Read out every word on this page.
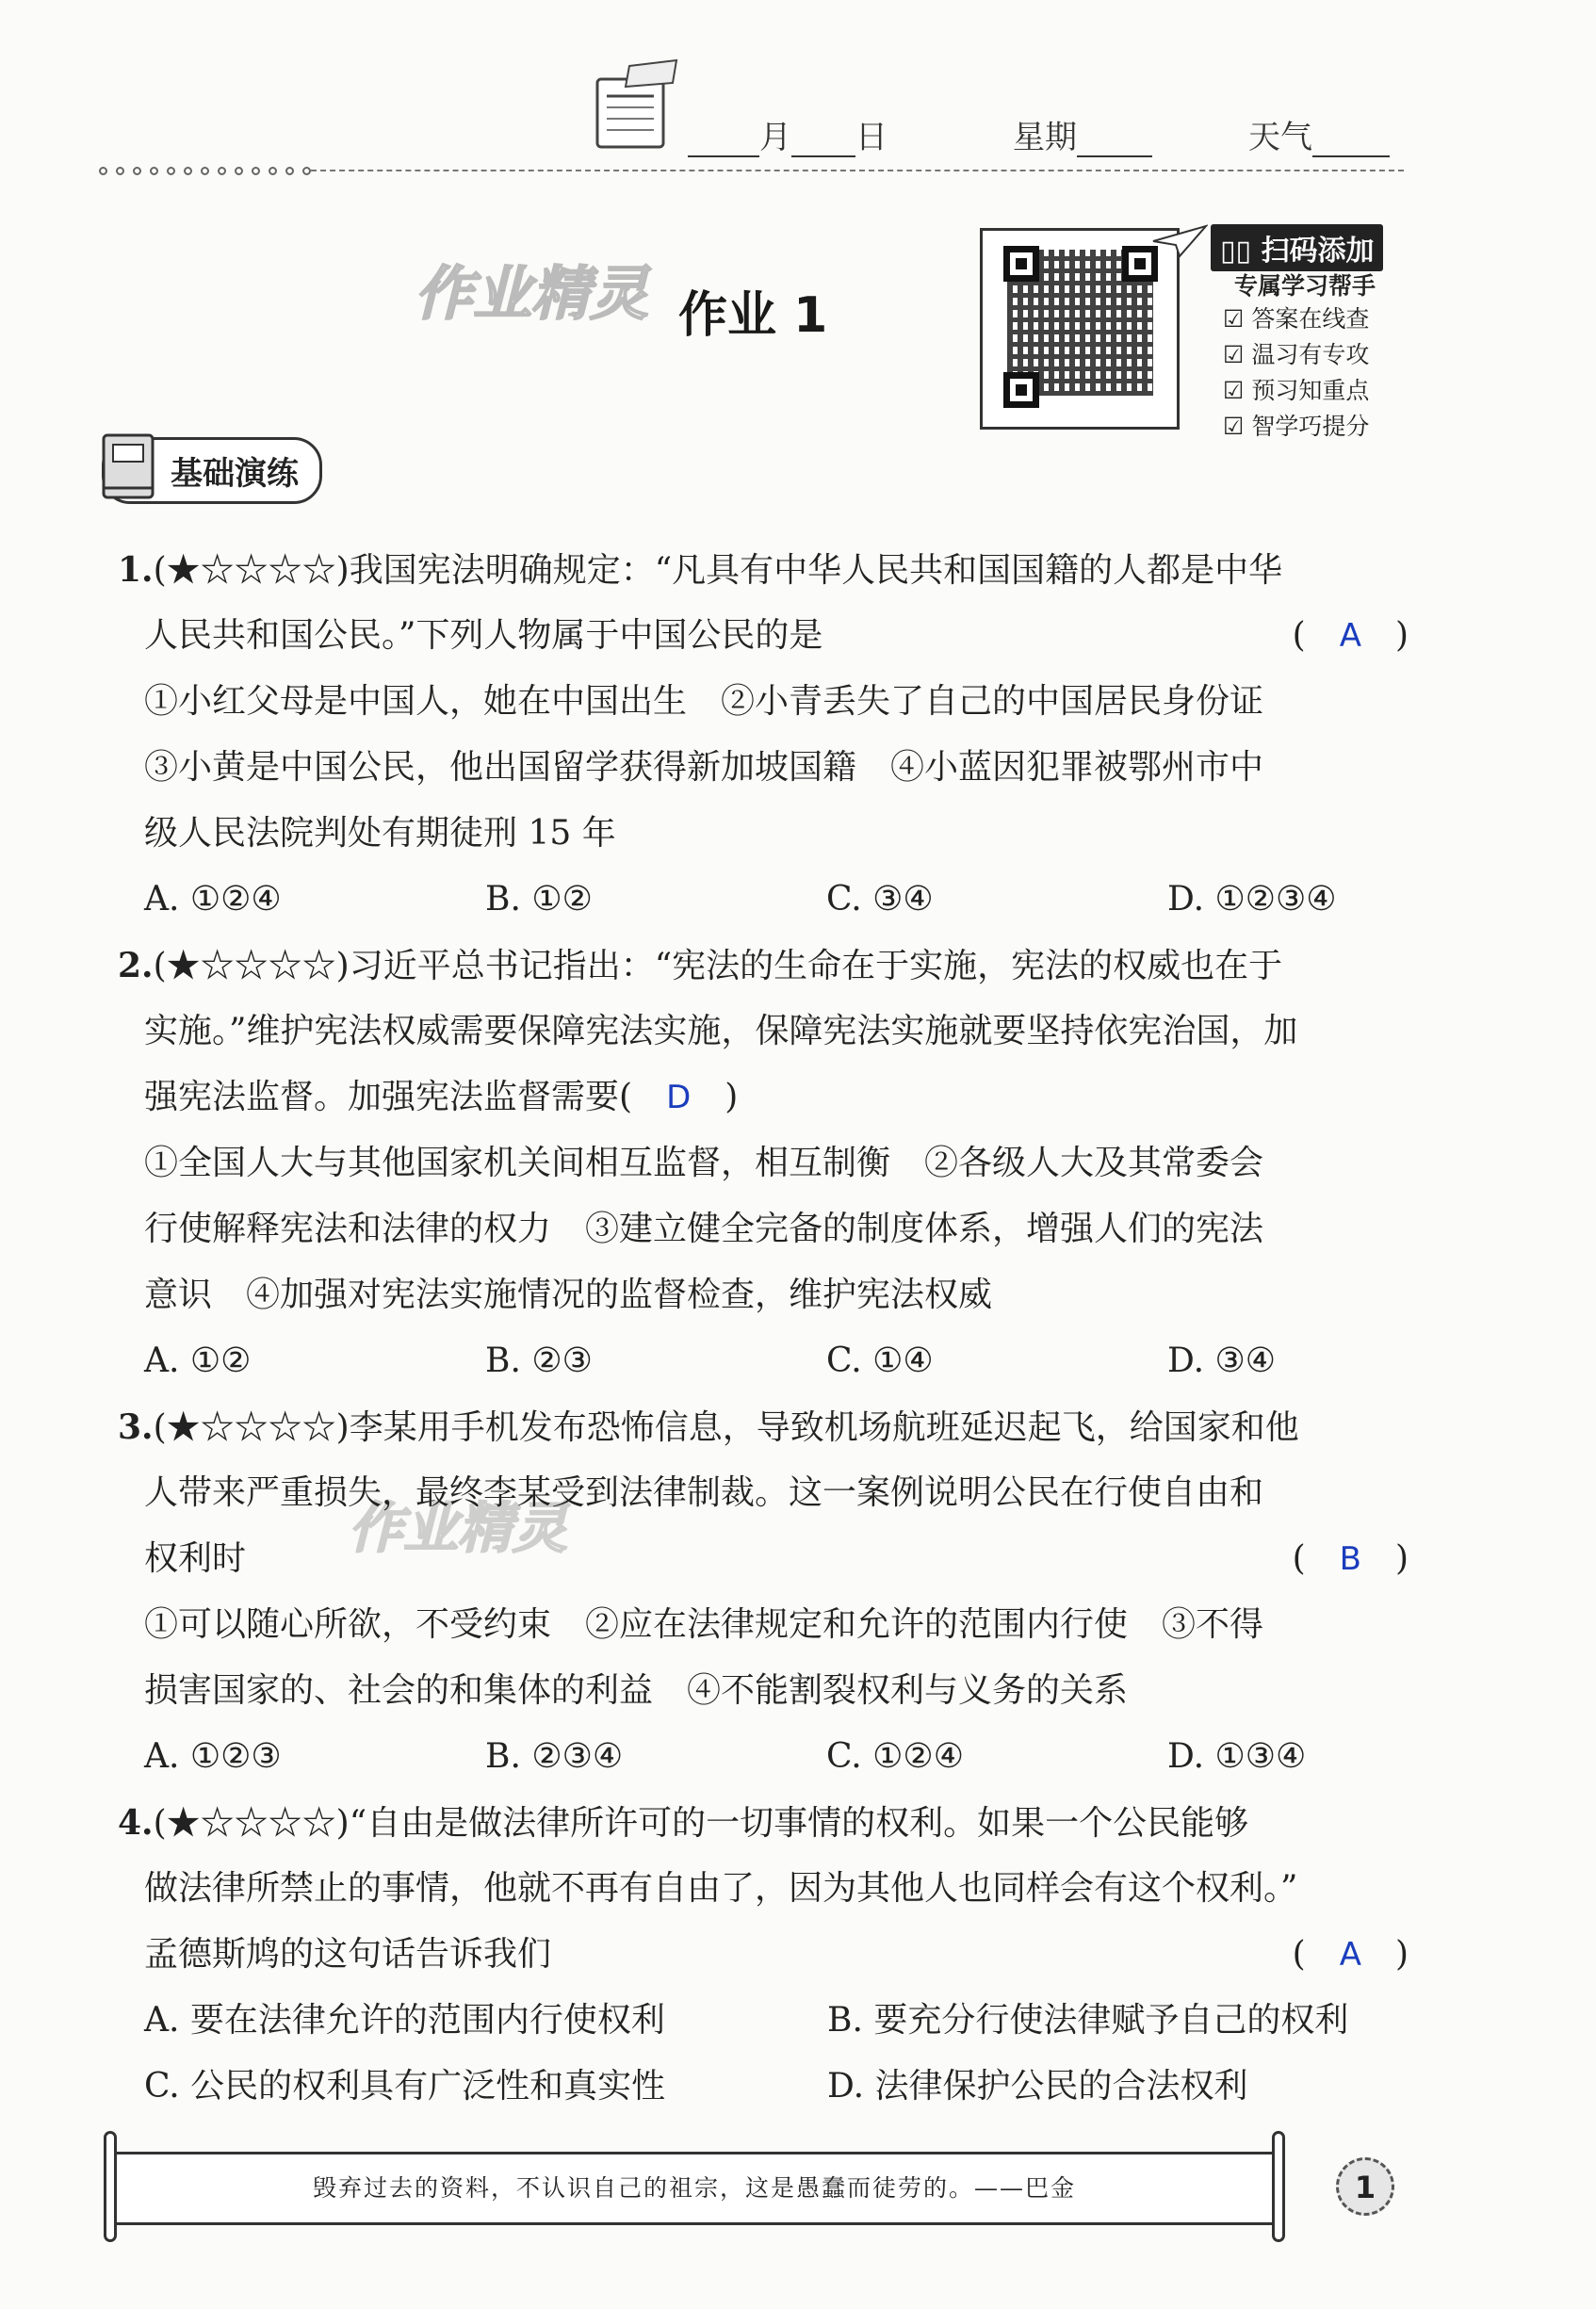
月 日	星期	天气
作业精灵 作业 1
▯▯ 扫码添加
专属学习帮手
☑ 答案在线查
☑ 温习有专攻
☑ 预习知重点
☑ 智学巧提分
基础演练
1.(★☆☆☆☆)我国宪法明确规定：“凡具有中华人民共和国国籍的人都是中华
人民共和国公民。”下列人物属于中国公民的是	(　A　)
①小红父母是中国人，她在中国出生　②小青丢失了自己的中国居民身份证
③小黄是中国公民，他出国留学获得新加坡国籍　④小蓝因犯罪被鄂州市中
级人民法院判处有期徒刑 15 年
A. ①②④	B. ①②	C. ③④	D. ①②③④
2.(★☆☆☆☆)习近平总书记指出：“宪法的生命在于实施，宪法的权威也在于
实施。”维护宪法权威需要保障宪法实施，保障宪法实施就要坚持依宪治国，加
强宪法监督。加强宪法监督需要(　D　)
①全国人大与其他国家机关间相互监督，相互制衡　②各级人大及其常委会
行使解释宪法和法律的权力　③建立健全完备的制度体系，增强人们的宪法
意识　④加强对宪法实施情况的监督检查，维护宪法权威
A. ①②	B. ②③	C. ①④	D. ③④
作业精灵
3.(★☆☆☆☆)李某用手机发布恐怖信息，导致机场航班延迟起飞，给国家和他
人带来严重损失，最终李某受到法律制裁。这一案例说明公民在行使自由和
权利时	(　B　)
①可以随心所欲，不受约束　②应在法律规定和允许的范围内行使　③不得
损害国家的、社会的和集体的利益　④不能割裂权利与义务的关系
A. ①②③	B. ②③④	C. ①②④	D. ①③④
4.(★☆☆☆☆)“自由是做法律所许可的一切事情的权利。如果一个公民能够
做法律所禁止的事情，他就不再有自由了，因为其他人也同样会有这个权利。”
孟德斯鸠的这句话告诉我们	(　A　)
A. 要在法律允许的范围内行使权利	B. 要充分行使法律赋予自己的权利
C. 公民的权利具有广泛性和真实性	D. 法律保护公民的合法权利
毁弃过去的资料，不认识自己的祖宗，这是愚蠢而徒劳的。——巴金	1
